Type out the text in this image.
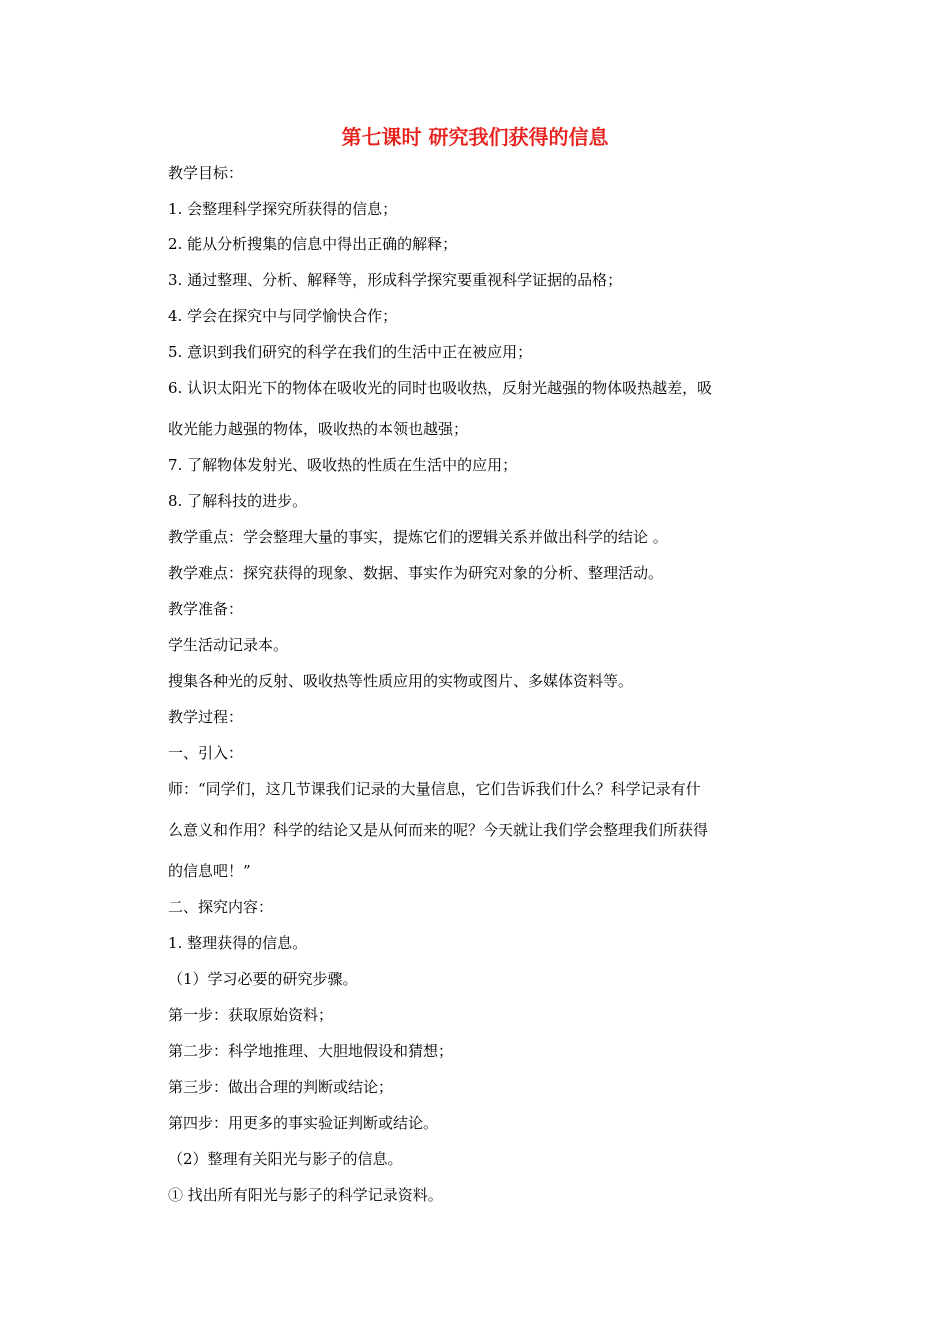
第七课时 研究我们获得的信息
教学目标：
1. 会整理科学探究所获得的信息；
2. 能从分析搜集的信息中得出正确的解释；
3. 通过整理、分析、解释等，形成科学探究要重视科学证据的品格；
4. 学会在探究中与同学愉快合作；
5. 意识到我们研究的科学在我们的生活中正在被应用；
6. 认识太阳光下的物体在吸收光的同时也吸收热，反射光越强的物体吸热越差，吸
收光能力越强的物体，吸收热的本领也越强；
7. 了解物体发射光、吸收热的性质在生活中的应用；
8. 了解科技的进步。
教学重点：学会整理大量的事实，提炼它们的逻辑关系并做出科学的结论 。
教学难点：探究获得的现象、数据、事实作为研究对象的分析、整理活动。
教学准备：
学生活动记录本。
搜集各种光的反射、吸收热等性质应用的实物或图片、多媒体资料等。
教学过程：
一、引入：
师：“同学们，这几节课我们记录的大量信息，它们告诉我们什么？科学记录有什
么意义和作用？科学的结论又是从何而来的呢？今天就让我们学会整理我们所获得
的信息吧！”
二、探究内容：
1. 整理获得的信息。
（1）学习必要的研究步骤。
第一步：获取原始资料；
第二步：科学地推理、大胆地假设和猜想；
第三步：做出合理的判断或结论；
第四步：用更多的事实验证判断或结论。
（2）整理有关阳光与影子的信息。
① 找出所有阳光与影子的科学记录资料。
